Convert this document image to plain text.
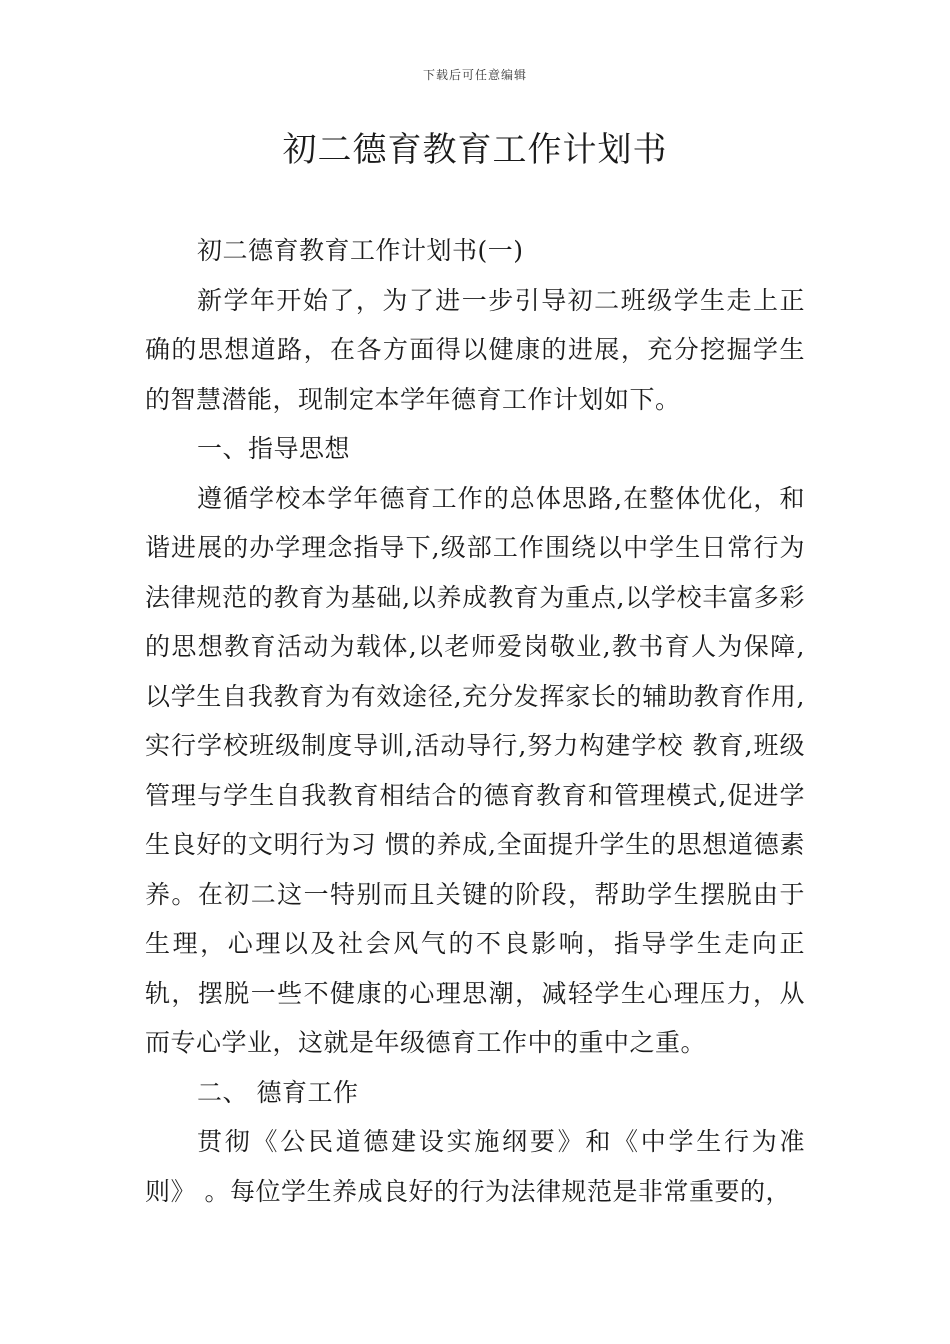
下载后可任意编辑
初二德育教育工作计划书

初二德育教育工作计划书(一)

新学年开始了，为了进一步引导初二班级学生走上正确的思想道路，在各方面得以健康的进展，充分挖掘学生的智慧潜能，现制定本学年德育工作计划如下。

一、指导思想

遵循学校本学年德育工作的总体思路,在整体优化，和谐进展的办学理念指导下,级部工作围绕以中学生日常行为法律规范的教育为基础,以养成教育为重点,以学校丰富多彩的思想教育活动为载体,以老师爱岗敬业,教书育人为保障,以学生自我教育为有效途径,充分发挥家长的辅助教育作用,实行学校班级制度导训,活动导行,努力构建学校 教育,班级管理与学生自我教育相结合的德育教育和管理模式,促进学生良好的文明行为习 惯的养成,全面提升学生的思想道德素养。在初二这一特别而且关键的阶段，帮助学生摆脱由于生理，心理以及社会风气的不良影响，指导学生走向正轨，摆脱一些不健康的心理思潮，减轻学生心理压力，从而专心学业，这就是年级德育工作中的重中之重。

二、 德育工作

贯彻《公民道德建设实施纲要》和《中学生行为准则》 。每位学生养成良好的行为法律规范是非常重要的，
